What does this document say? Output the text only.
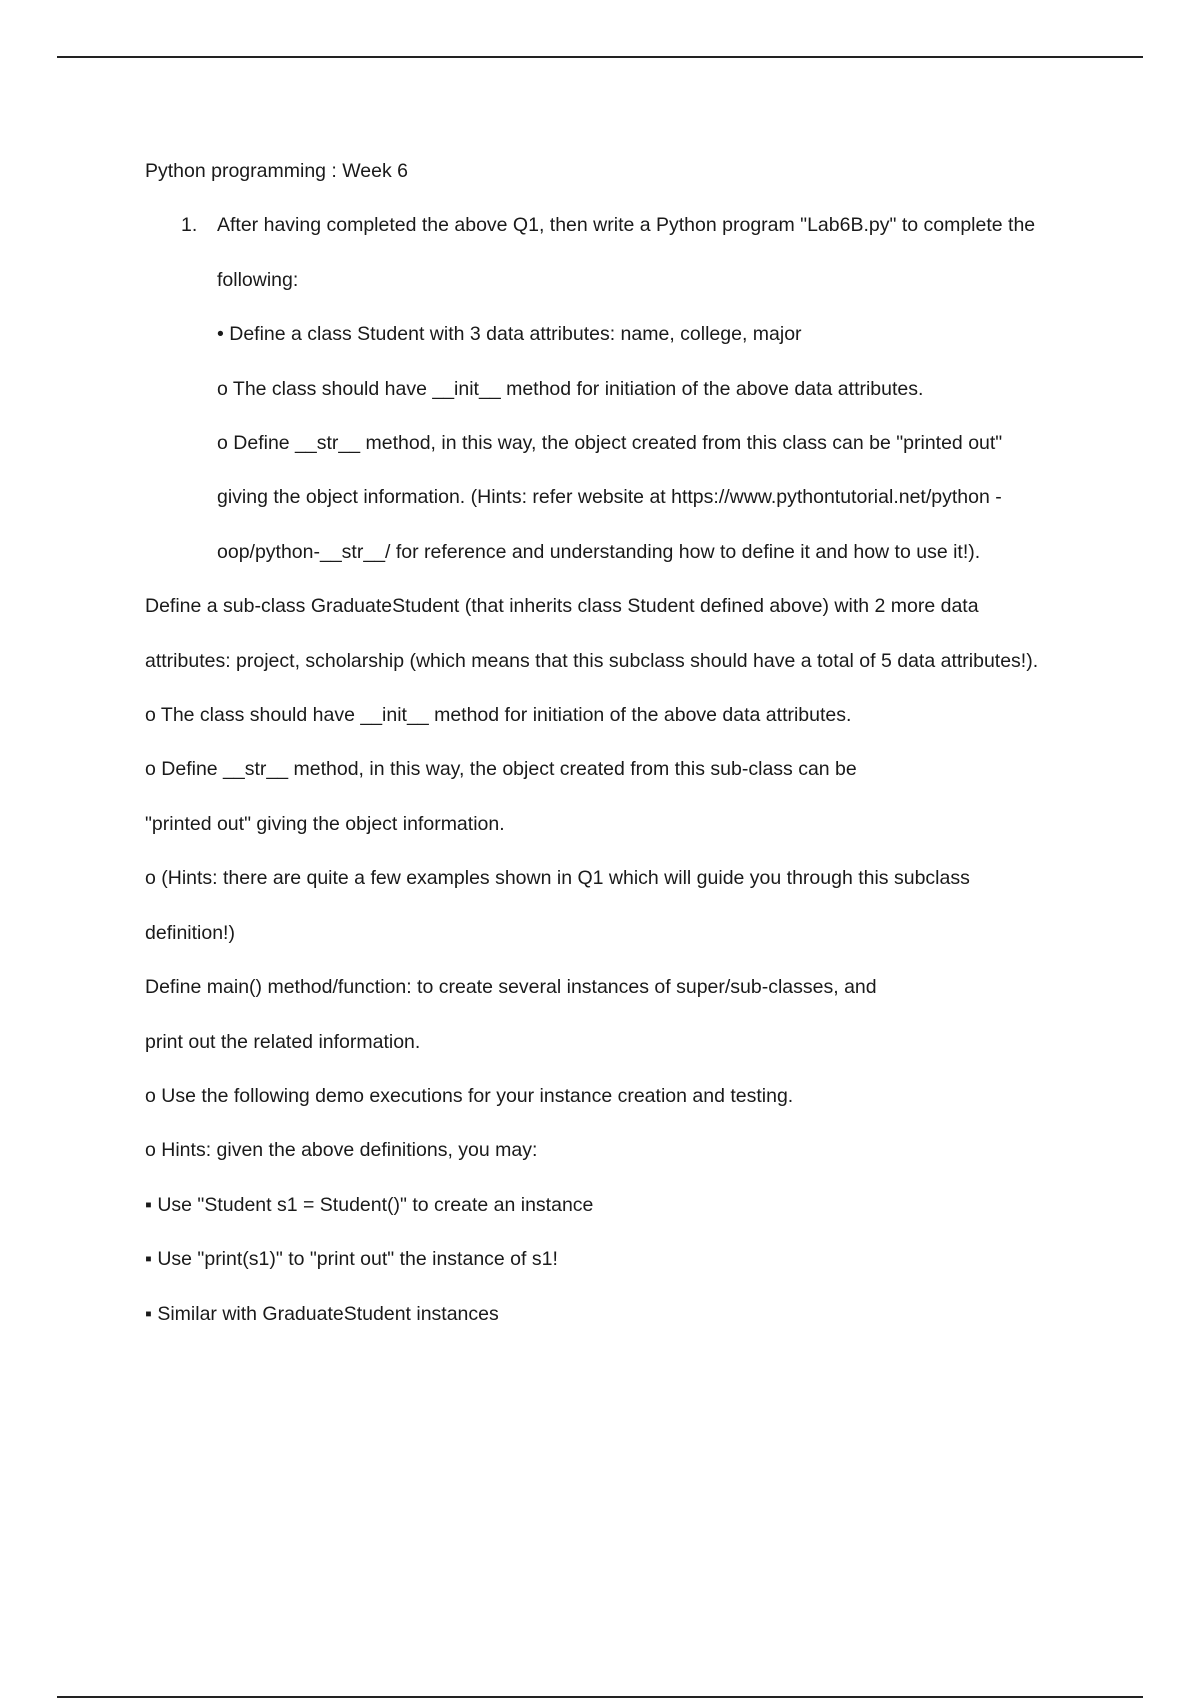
Python programming : Week 6
1.	After having completed the above Q1, then write a Python program "Lab6B.py" to complete the
following:
• Define a class Student with 3 data attributes: name, college, major
o The class should have __init__ method for initiation of the above data attributes.
o Define __str__ method, in this way, the object created from this class can be "printed out"
giving the object information. (Hints: refer website at https://www.pythontutorial.net/python -
oop/python-__str__/ for reference and understanding how to define it and how to use it!).
Define a sub-class GraduateStudent (that inherits class Student defined above) with 2 more data
attributes: project, scholarship (which means that this subclass should have a total of 5 data attributes!).
o The class should have __init__ method for initiation of the above data attributes.
o Define __str__ method, in this way, the object created from this sub-class can be
"printed out" giving the object information.
o (Hints: there are quite a few examples shown in Q1 which will guide you through this subclass
definition!)
Define main() method/function: to create several instances of super/sub-classes, and
print out the related information.
o Use the following demo executions for your instance creation and testing.
o Hints: given the above definitions, you may:
▪ Use "Student s1 = Student()" to create an instance
▪ Use "print(s1)" to "print out" the instance of s1!
▪ Similar with GraduateStudent instances
